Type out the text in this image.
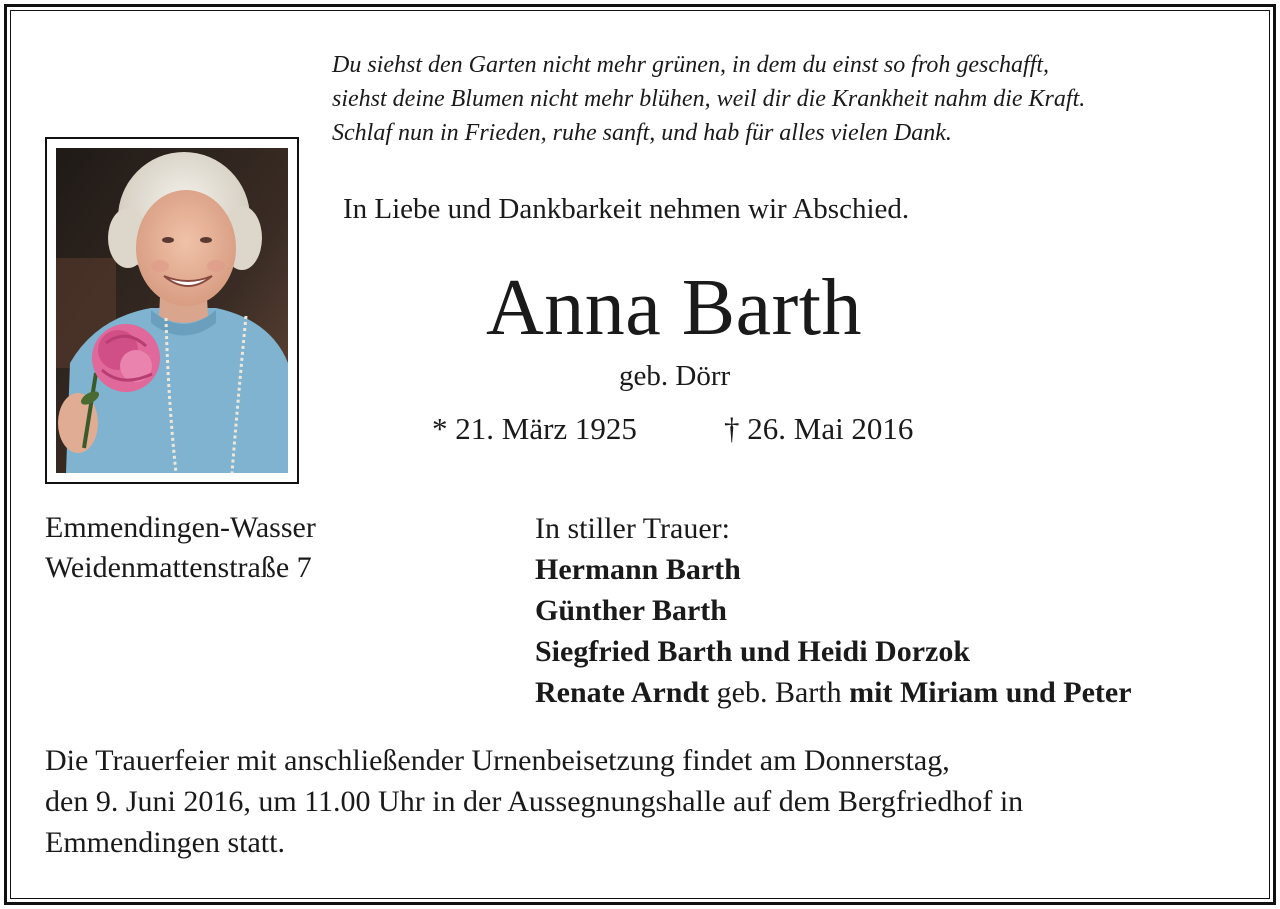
Du siehst den Garten nicht mehr grünen, in dem du einst so froh geschafft,
siehst deine Blumen nicht mehr blühen, weil dir die Krankheit nahm die Kraft.
Schlaf nun in Frieden, ruhe sanft, und hab für alles vielen Dank.
In Liebe und Dankbarkeit nehmen wir Abschied.
Anna Barth
geb. Dörr
* 21. März 1925	† 26. Mai 2016
Emmendingen-Wasser
Weidenmattenstraße 7
In stiller Trauer:
Hermann Barth
Günther Barth
Siegfried Barth und Heidi Dorzok
Renate Arndt geb. Barth mit Miriam und Peter
Die Trauerfeier mit anschließender Urnenbeisetzung findet am Donnerstag,
den 9. Juni 2016, um 11.00 Uhr in der Aussegnungshalle auf dem Bergfriedhof in
Emmendingen statt.
